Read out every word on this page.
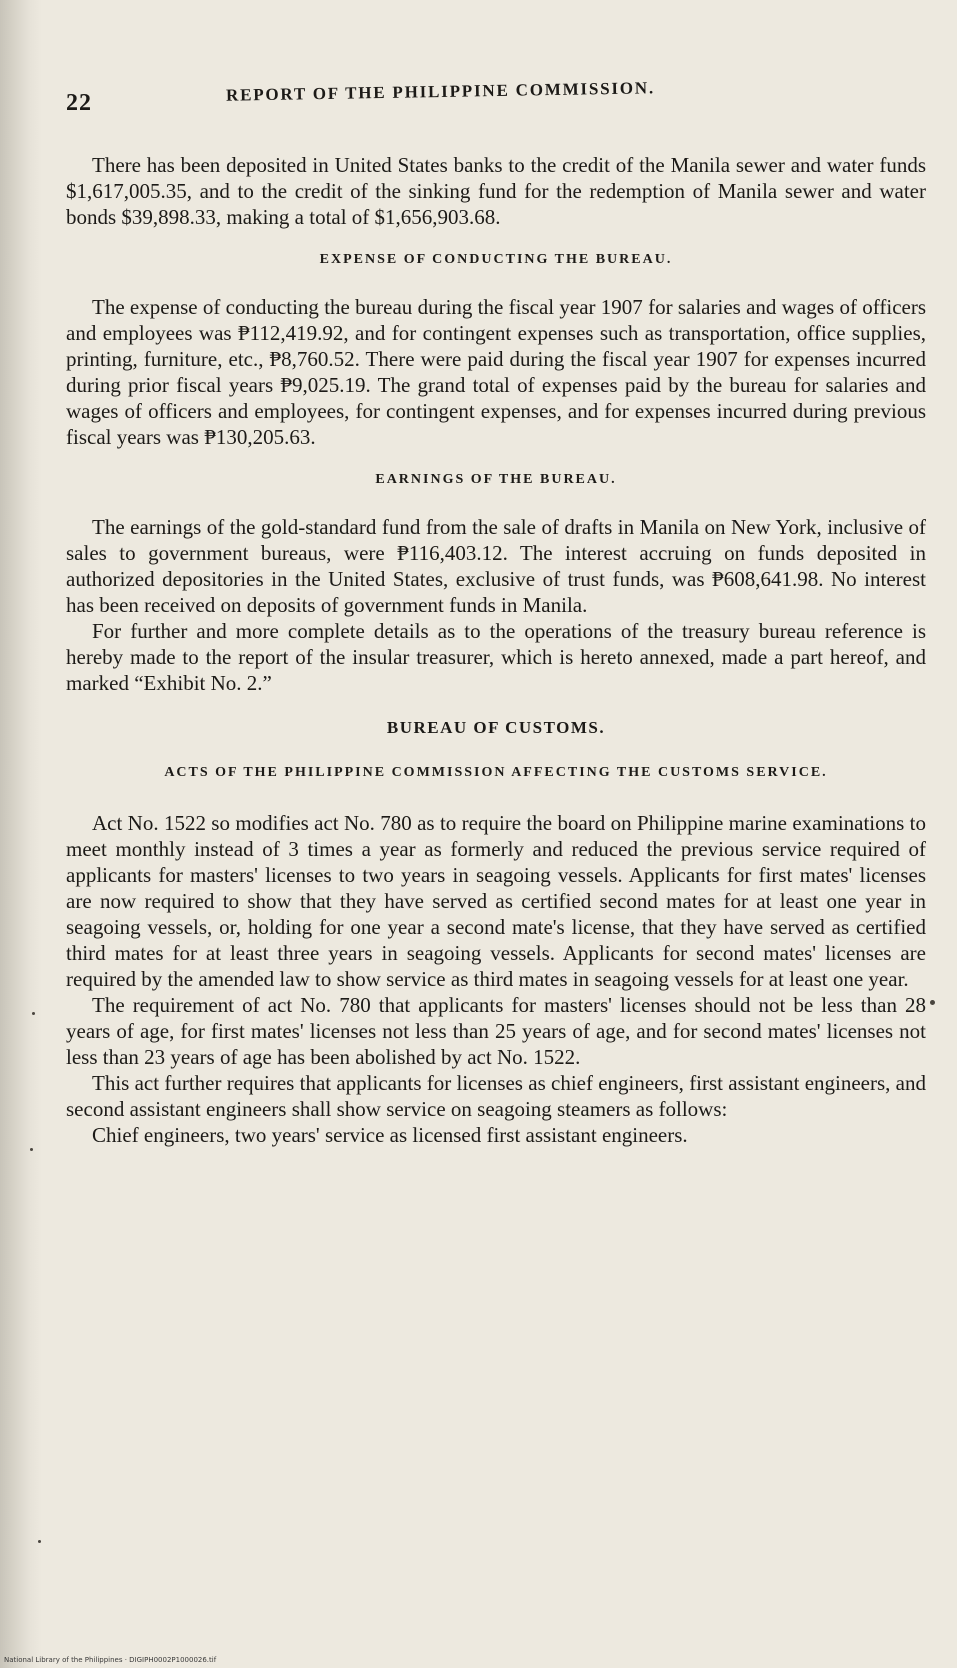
22	REPORT OF THE PHILIPPINE COMMISSION.

There has been deposited in United States banks to the credit of the Manila sewer and water funds $1,617,005.35, and to the credit of the sinking fund for the redemption of Manila sewer and water bonds $39,898.33, making a total of $1,656,903.68.

EXPENSE OF CONDUCTING THE BUREAU.

The expense of conducting the bureau during the fiscal year 1907 for salaries and wages of officers and employees was ₱112,419.92, and for contingent expenses such as transportation, office supplies, printing, furniture, etc., ₱8,760.52. There were paid during the fiscal year 1907 for expenses incurred during prior fiscal years ₱9,025.19. The grand total of expenses paid by the bureau for salaries and wages of officers and employees, for contingent expenses, and for expenses incurred during previous fiscal years was ₱130,205.63.

EARNINGS OF THE BUREAU.

The earnings of the gold-standard fund from the sale of drafts in Manila on New York, inclusive of sales to government bureaus, were ₱116,403.12. The interest accruing on funds deposited in authorized depositories in the United States, exclusive of trust funds, was ₱608,641.98. No interest has been received on deposits of government funds in Manila.

For further and more complete details as to the operations of the treasury bureau reference is hereby made to the report of the insular treasurer, which is hereto annexed, made a part hereof, and marked “Exhibit No. 2.”

BUREAU OF CUSTOMS.
ACTS OF THE PHILIPPINE COMMISSION AFFECTING THE CUSTOMS SERVICE.

Act No. 1522 so modifies act No. 780 as to require the board on Philippine marine examinations to meet monthly instead of 3 times a year as formerly and reduced the previous service required of applicants for masters' licenses to two years in seagoing vessels. Applicants for first mates' licenses are now required to show that they have served as certified second mates for at least one year in seagoing vessels, or, holding for one year a second mate's license, that they have served as certified third mates for at least three years in seagoing vessels. Applicants for second mates' licenses are required by the amended law to show service as third mates in seagoing vessels for at least one year.

The requirement of act No. 780 that applicants for masters' licenses should not be less than 28 years of age, for first mates' licenses not less than 25 years of age, and for second mates' licenses not less than 23 years of age has been abolished by act No. 1522.

This act further requires that applicants for licenses as chief engineers, first assistant engineers, and second assistant engineers shall show service on seagoing steamers as follows:

Chief engineers, two years' service as licensed first assistant engineers.

National Library of the Philippines · DIGIPH0002P1000026.tif
